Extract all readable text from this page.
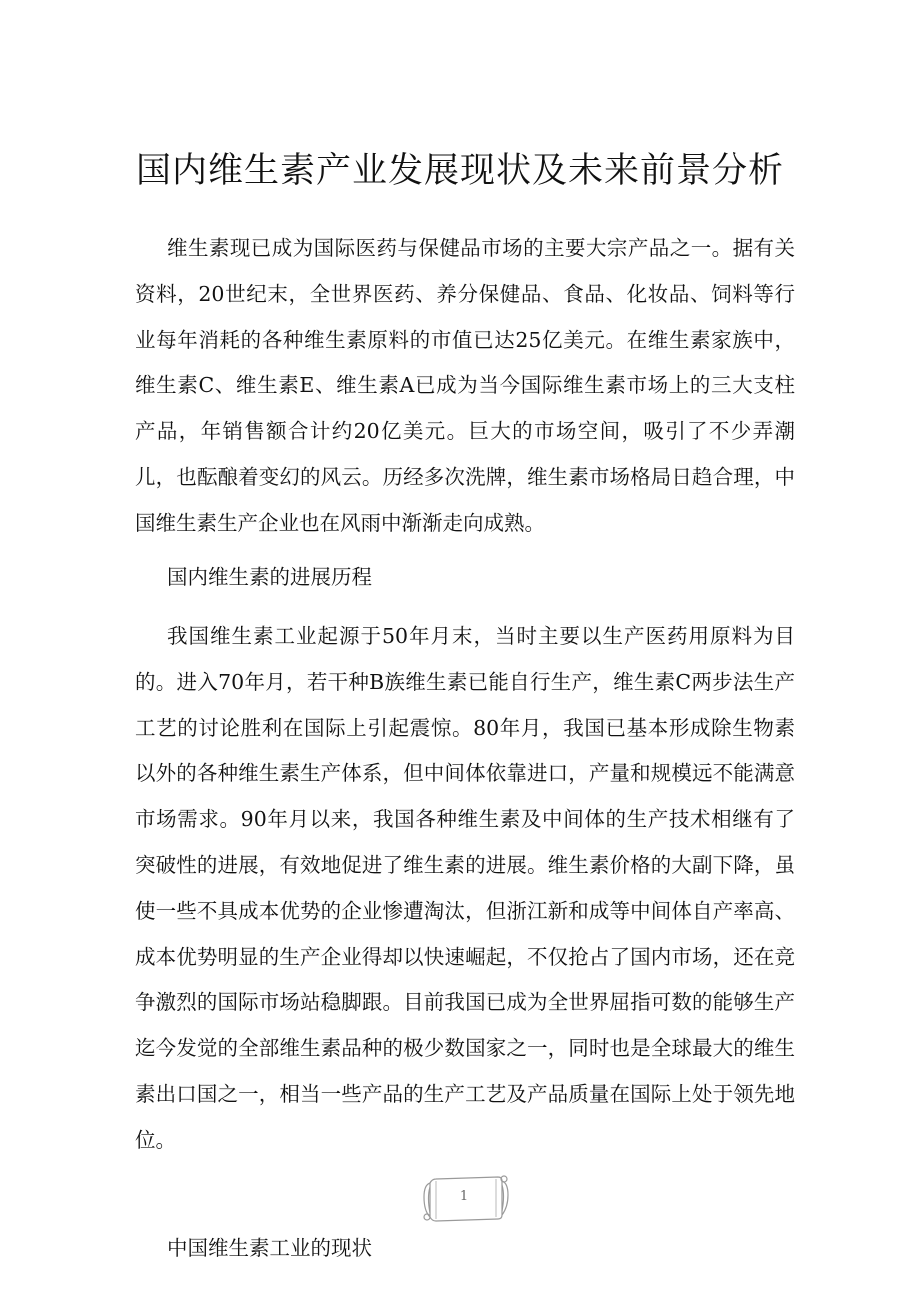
国内维生素产业发展现状及未来前景分析

维生素现已成为国际医药与保健品市场的主要大宗产品之一。据有关资料，20世纪末，全世界医药、养分保健品、食品、化妆品、饲料等行业每年消耗的各种维生素原料的市值已达25亿美元。在维生素家族中，维生素C、维生素E、维生素A已成为当今国际维生素市场上的三大支柱产品，年销售额合计约20亿美元。巨大的市场空间，吸引了不少弄潮儿，也酝酿着变幻的风云。历经多次洗牌，维生素市场格局日趋合理，中国维生素生产企业也在风雨中渐渐走向成熟。

国内维生素的进展历程

我国维生素工业起源于50年月末，当时主要以生产医药用原料为目的。进入70年月，若干种B族维生素已能自行生产，维生素C两步法生产工艺的讨论胜利在国际上引起震惊。80年月，我国已基本形成除生物素以外的各种维生素生产体系，但中间体依靠进口，产量和规模远不能满意市场需求。90年月以来，我国各种维生素及中间体的生产技术相继有了突破性的进展，有效地促进了维生素的进展。维生素价格的大副下降，虽使一些不具成本优势的企业惨遭淘汰，但浙江新和成等中间体自产率高、成本优势明显的生产企业得却以快速崛起，不仅抢占了国内市场，还在竞争激烈的国际市场站稳脚跟。目前我国已成为全世界屈指可数的能够生产迄今发觉的全部维生素品种的极少数国家之一，同时也是全球最大的维生素出口国之一，相当一些产品的生产工艺及产品质量在国际上处于领先地位。

1
中国维生素工业的现状
